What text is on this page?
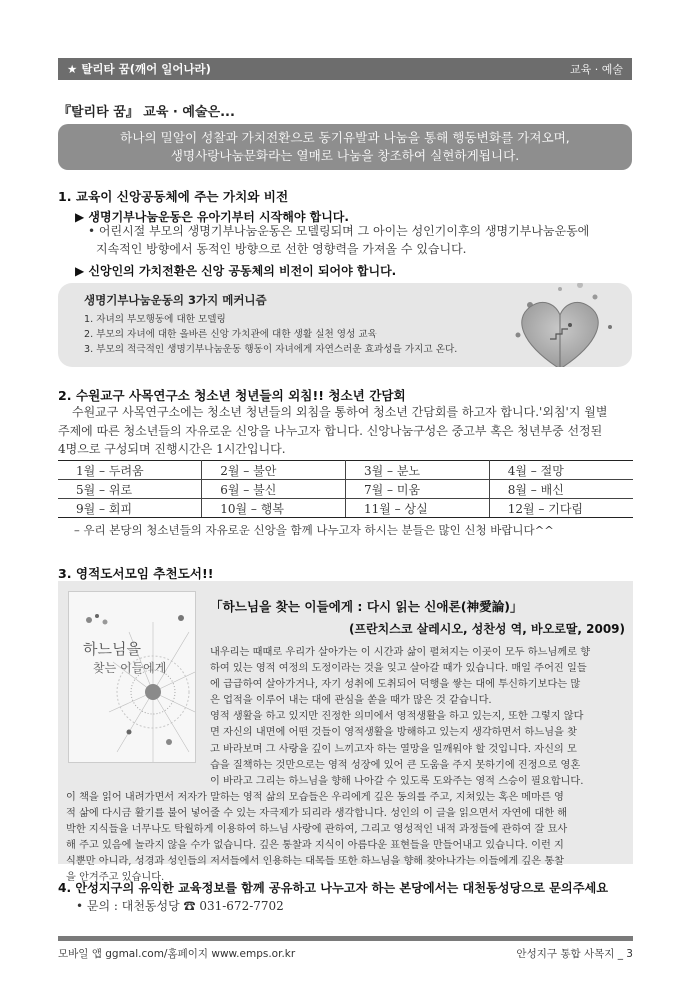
★ 탈리타 꿈(깨어 일어나라)	교육 · 예술
『탈리타 꿈』 교육 · 예술은...
하나의 밀알이 성찰과 가치전환으로 동기유발과 나눔을 통해 행동변화를 가져오며,
생명사랑나눔문화라는 열매로 나눔을 창조하여 실현하게됩니다.
1. 교육이 신앙공동체에 주는 가치와 비전
▶ 생명기부나눔운동은 유아기부터 시작해야 합니다.
• 어린시절 부모의 생명기부나눔운동은 모델링되며 그 아이는 성인기이후의 생명기부나눔운동에
지속적인 방향에서 동적인 방향으로 선한 영향력을 가져올 수 있습니다.
▶ 신앙인의 가치전환은 신앙 공동체의 비전이 되어야 합니다.
생명기부나눔운동의 3가지 메커니즘
1. 자녀의 부모행동에 대한 모델링
2. 부모의 자녀에 대한 올바른 신앙 가치관에 대한 생활 실천 영성 교육
3. 부모의 적극적인 생명기부나눔운동 행동이 자녀에게 자연스러운 효과성을 가지고 온다.
2. 수원교구 사목연구소 청소년 청년들의 외침!! 청소년 간담회
수원교구 사목연구소에는 청소년 청년들의 외침을 통하여 청소년 간담회를 하고자 합니다.'외침'지 월별
주제에 따른 청소년들의 자유로운 신앙을 나누고자 합니다. 신앙나눔구성은 중고부 혹은 청년부중 선정된
4명으로 구성되며 진행시간은 1시간입니다.
1월 – 두려움	2월 – 불안	3월 – 분노	4월 – 절망
5월 – 위로	6월 – 불신	7월 – 미움	8월 – 배신
9월 – 회피	10월 – 행복	11월 – 상실	12월 – 기다림
– 우리 본당의 청소년들의 자유로운 신앙을 함께 나누고자 하시는 분들은 많인 신청 바랍니다^^
3. 영적도서모임 추천도서!!
하느님을
찾는 이들에게
「하느님을 찾는 이들에게 : 다시 읽는 신애론(神愛論)」
(프란치스코 살레시오, 성찬성 역, 바오로딸, 2009)
내우리는 때때로 우리가 살아가는 이 시간과 삶이 펼쳐지는 이곳이 모두 하느님께로 향
하여 있는 영적 여정의 도정이라는 것을 잊고 살아갈 때가 있습니다. 매일 주어진 일들
에 급급하여 살아가거나, 자기 성취에 도취되어 덕행을 쌓는 대에 투신하기보다는 많
은 업적을 이루어 내는 대에 관심을 쏟을 때가 많은 것 같습니다.
영적 생활을 하고 있지만 진정한 의미에서 영적생활을 하고 있는지, 또한 그렇지 않다
면 자신의 내면에 어떤 것들이 영적생활을 방해하고 있는지 생각하면서 하느님을 찾
고 바라보며 그 사랑을 깊이 느끼고자 하는 열망을 일깨워야 할 것입니다. 자신의 모
습을 질책하는 것만으로는 영적 성장에 있어 큰 도움을 주지 못하기에 진정으로 영혼
이 바라고 그리는 하느님을 향해 나아갈 수 있도록 도와주는 영적 스승이 필요합니다.
이 책을 읽어 내려가면서 저자가 말하는 영적 삶의 모습들은 우리에게 깊은 동의를 주고, 지쳐있는 혹은 메마른 영
적 삶에 다시금 활기를 불어 넣어줄 수 있는 자극제가 되리라 생각합니다. 성인의 이 글을 읽으면서 자연에 대한 해
박한 지식들을 너무나도 탁월하게 이용하여 하느님 사랑에 관하여, 그리고 영성적인 내적 과정들에 관하여 잘 묘사
해 주고 있음에 놀라지 않을 수가 없습니다. 깊은 통찰과 지식이 아름다운 표현들을 만들어내고 있습니다. 이런 지
식뿐만 아니라, 성경과 성인들의 저서들에서 인용하는 대목들 또한 하느님을 향해 찾아나가는 이들에게 깊은 통찰
을 안겨주고 있습니다.
4. 안성지구의 유익한 교육정보를 함께 공유하고 나누고자 하는 본당에서는 대천동성당으로 문의주세요
• 문의 : 대천동성당 ☎ 031-672-7702
모바일 앱 ggmal.com/홈페이지 www.emps.or.kr	안성지구 통합 사목지 _ 3
